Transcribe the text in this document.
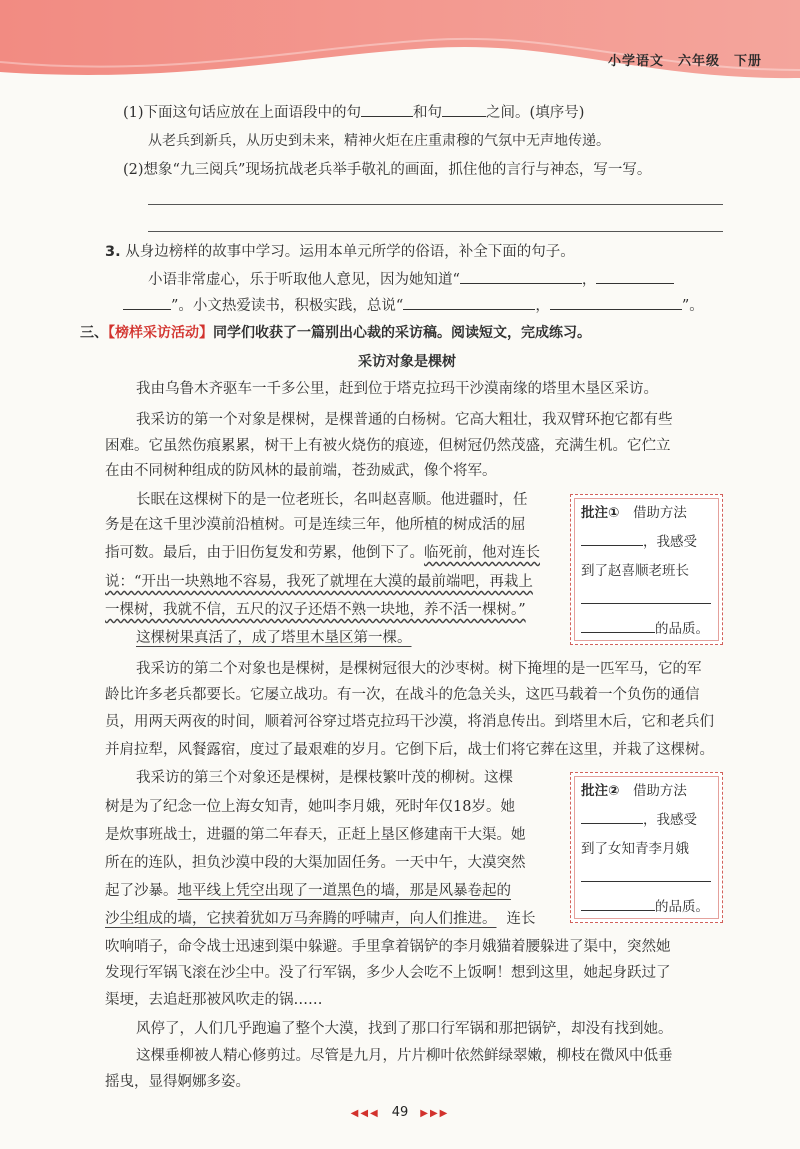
小学语文　六年级　下册
(1)下面这句话应放在上面语段中的句	和句	之间。(填序号)
从老兵到新兵，从历史到未来，精神火炬在庄重肃穆的气氛中无声地传递。
(2)想象“九三阅兵”现场抗战老兵举手敬礼的画面，抓住他的言行与神态，写一写。
3. 从身边榜样的故事中学习。运用本单元所学的俗语，补全下面的句子。
小语非常虚心，乐于听取他人意见，因为她知道“	，
”。小文热爱读书，积极实践，总说“	，	”。
三、【榜样采访活动】同学们收获了一篇别出心裁的采访稿。阅读短文，完成练习。
采访对象是棵树
我由乌鲁木齐驱车一千多公里，赶到位于塔克拉玛干沙漠南缘的塔里木垦区采访。
我采访的第一个对象是棵树，是棵普通的白杨树。它高大粗壮，我双臂环抱它都有些
困难。它虽然伤痕累累，树干上有被火烧伤的痕迹，但树冠仍然茂盛，充满生机。它伫立
在由不同树种组成的防风林的最前端，苍劲威武，像个将军。
长眠在这棵树下的是一位老班长，名叫赵喜顺。他进疆时，任
务是在这千里沙漠前沿植树。可是连续三年，他所植的树成活的屈
指可数。最后，由于旧伤复发和劳累，他倒下了。临死前，他对连长
说：“开出一块熟地不容易，我死了就埋在大漠的最前端吧，再栽上
一棵树，我就不信，五尺的汉子还焐不熟一块地，养不活一棵树。”
这棵树果真活了，成了塔里木垦区第一棵。
我采访的第二个对象也是棵树，是棵树冠很大的沙枣树。树下掩埋的是一匹军马，它的军
龄比许多老兵都要长。它屡立战功。有一次，在战斗的危急关头，这匹马载着一个负伤的通信
员，用两天两夜的时间，顺着河谷穿过塔克拉玛干沙漠，将消息传出。到塔里木后，它和老兵们
并肩拉犁，风餐露宿，度过了最艰难的岁月。它倒下后，战士们将它葬在这里，并栽了这棵树。
我采访的第三个对象还是棵树，是棵枝繁叶茂的柳树。这棵
树是为了纪念一位上海女知青，她叫李月娥，死时年仅18岁。她
是炊事班战士，进疆的第二年春天，正赶上垦区修建南干大渠。她
所在的连队，担负沙漠中段的大渠加固任务。一天中午，大漠突然
起了沙暴。地平线上凭空出现了一道黑色的墙，那是风暴卷起的
沙尘组成的墙，它挟着犹如万马奔腾的呼啸声，向人们推进。 连长
吹响哨子，命令战士迅速到渠中躲避。手里拿着锅铲的李月娥猫着腰躲进了渠中，突然她
发现行军锅飞滚在沙尘中。没了行军锅，多少人会吃不上饭啊！想到这里，她起身跃过了
渠埂，去追赶那被风吹走的锅……
风停了，人们几乎跑遍了整个大漠，找到了那口行军锅和那把锅铲，却没有找到她。
这棵垂柳被人精心修剪过。尽管是九月，片片柳叶依然鲜绿翠嫩，柳枝在微风中低垂
摇曳，显得婀娜多姿。
批注①　 借助方法
，我感受
到了赵喜顺老班长
的品质。
批注②　 借助方法
，我感受
到了女知青李月娥
的品质。
◀◀◀ 49 ▶▶▶
